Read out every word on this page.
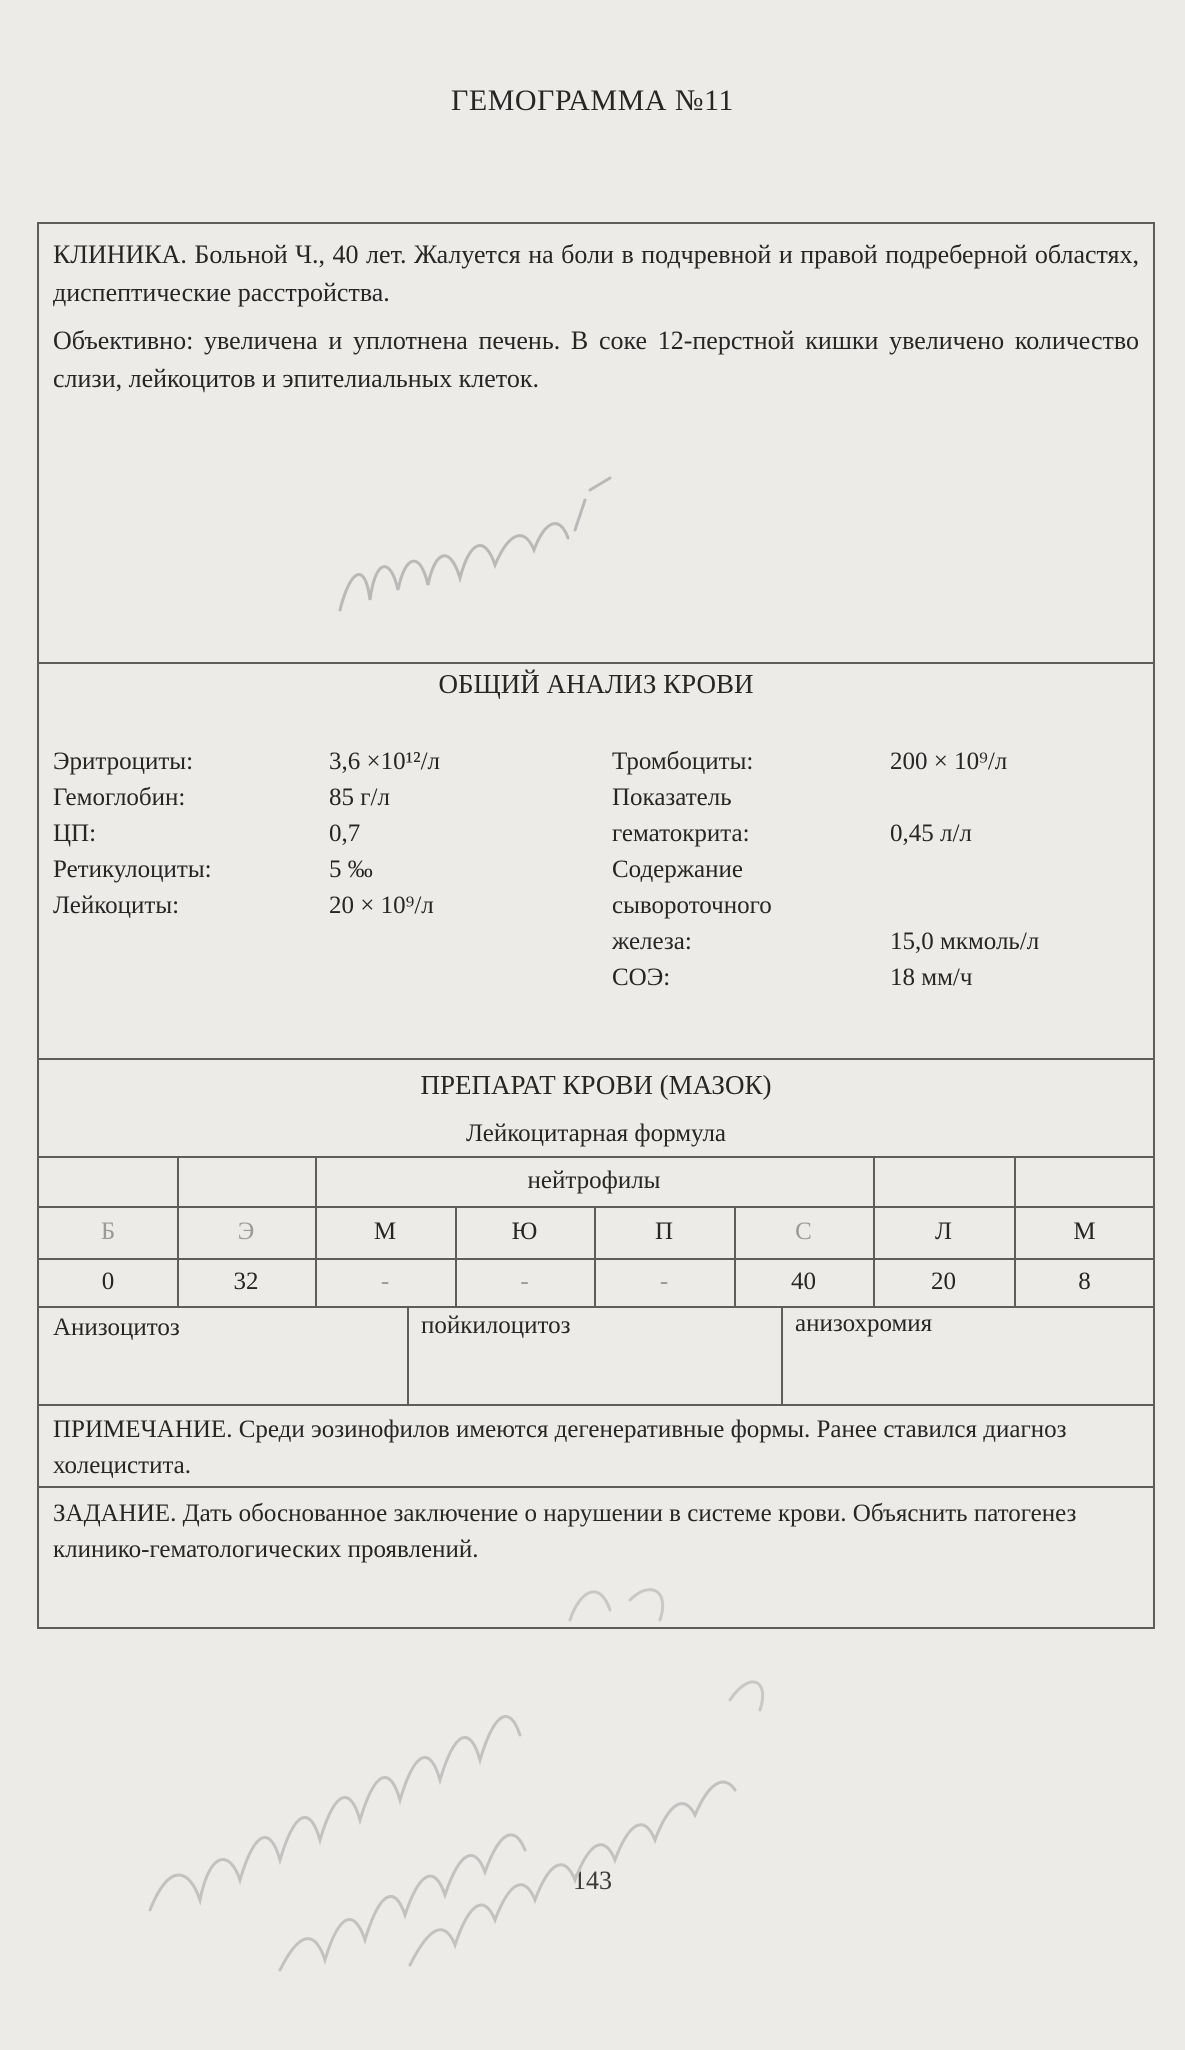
ГЕМОГРАММА №11

КЛИНИКА. Больной Ч., 40 лет. Жалуется на боли в подчревной и правой подреберной областях, диспептические расстройства.

Объективно: увеличена и уплотнена печень. В соке 12-перстной кишки увеличено количество слизи, лейкоцитов и эпителиальных клеток.

ОБЩИЙ АНАЛИЗ КРОВИ
Эритроциты:	3,6 ×10¹²/л
Гемоглобин:	85 г/л
ЦП:	0,7
Ретикулоциты:	5 ‰
Лейкоциты:	20 × 10⁹/л
Тромбоциты:	200 × 10⁹/л
Показатель
гематокрита:	0,45 л/л
Содержание
сывороточного
железа:	15,0 мкмоль/л
СОЭ:	18 мм/ч
ПРЕПАРАТ КРОВИ (МАЗОК)
Лейкоцитарная формула
нейтрофилы
Б	Э	М	Ю	П	С	Л	М
0	32	-	-	-	40	20	8
Анизоцитоз	пойкилоцитоз	анизохромия
ПРИМЕЧАНИЕ. Среди эозинофилов имеются дегенеративные формы. Ранее ставился диагноз холецистита.
ЗАДАНИЕ. Дать обоснованное заключение о нарушении в системе крови. Объяснить патогенез клинико-гематологических проявлений.
143
